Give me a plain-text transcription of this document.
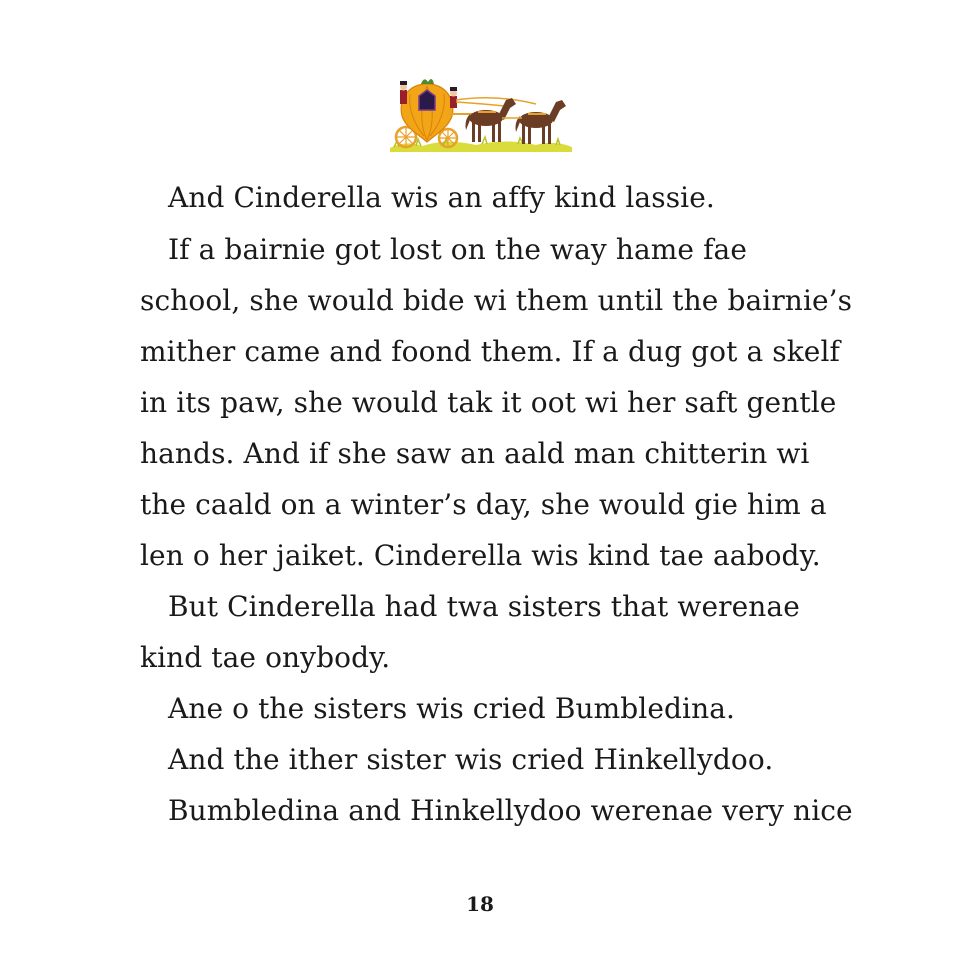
And Cinderella wis an affy kind lassie.
If a bairnie got lost on the way hame fae
school, she would bide wi them until the bairnie’s
mither came and foond them. If a dug got a skelf
in its paw, she would tak it oot wi her saft gentle
hands. And if she saw an aald man chitterin wi
the caald on a winter’s day, she would gie him a
len o her jaiket. Cinderella wis kind tae aabody.
But Cinderella had twa sisters that werenae
kind tae onybody.
Ane o the sisters wis cried Bumbledina.
And the ither sister wis cried Hinkellydoo.
Bumbledina and Hinkellydoo werenae very nice
18
